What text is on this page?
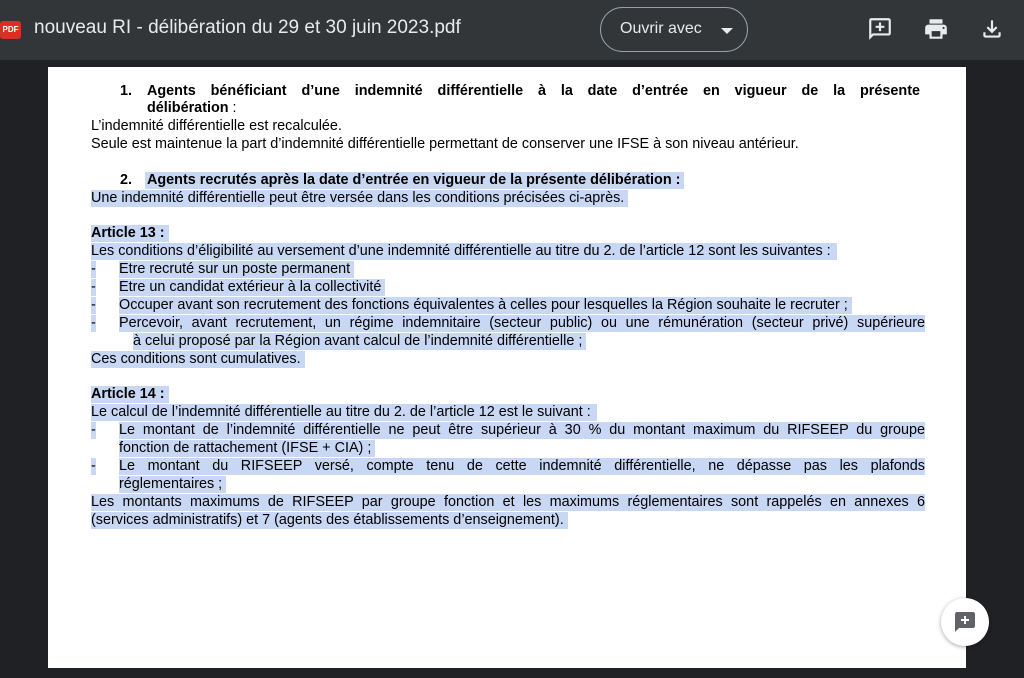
PDF nouveau RI - délibération du 29 et 30 juin 2023.pdf	Ouvrir avec
1. Agents bénéficiant d’une indemnité différentielle à la date d’entrée en vigueur de la présente
délibération :
L’indemnité différentielle est recalculée.
Seule est maintenue la part d’indemnité différentielle permettant de conserver une IFSE à son niveau antérieur.
2. Agents recrutés après la date d’entrée en vigueur de la présente délibération :
Une indemnité différentielle peut être versée dans les conditions précisées ci-après.
Article 13 :
Les conditions d’éligibilité au versement d’une indemnité différentielle au titre du 2. de l’article 12 sont les suivantes :
- Etre recruté sur un poste permanent
- Etre un candidat extérieur à la collectivité
- Occuper avant son recrutement des fonctions équivalentes à celles pour lesquelles la Région souhaite le recruter ;
- Percevoir, avant recrutement, un régime indemnitaire (secteur public) ou une rémunération (secteur privé) supérieure
à celui proposé par la Région avant calcul de l’indemnité différentielle ;
Ces conditions sont cumulatives.
Article 14 :
Le calcul de l’indemnité différentielle au titre du 2. de l’article 12 est le suivant :
- Le montant de l’indemnité différentielle ne peut être supérieur à 30 % du montant maximum du RIFSEEP du groupe
fonction de rattachement (IFSE + CIA) ;
- Le montant du RIFSEEP versé, compte tenu de cette indemnité différentielle, ne dépasse pas les plafonds
réglementaires ;
Les montants maximums de RIFSEEP par groupe fonction et les maximums réglementaires sont rappelés en annexes 6
(services administratifs) et 7 (agents des établissements d’enseignement).
